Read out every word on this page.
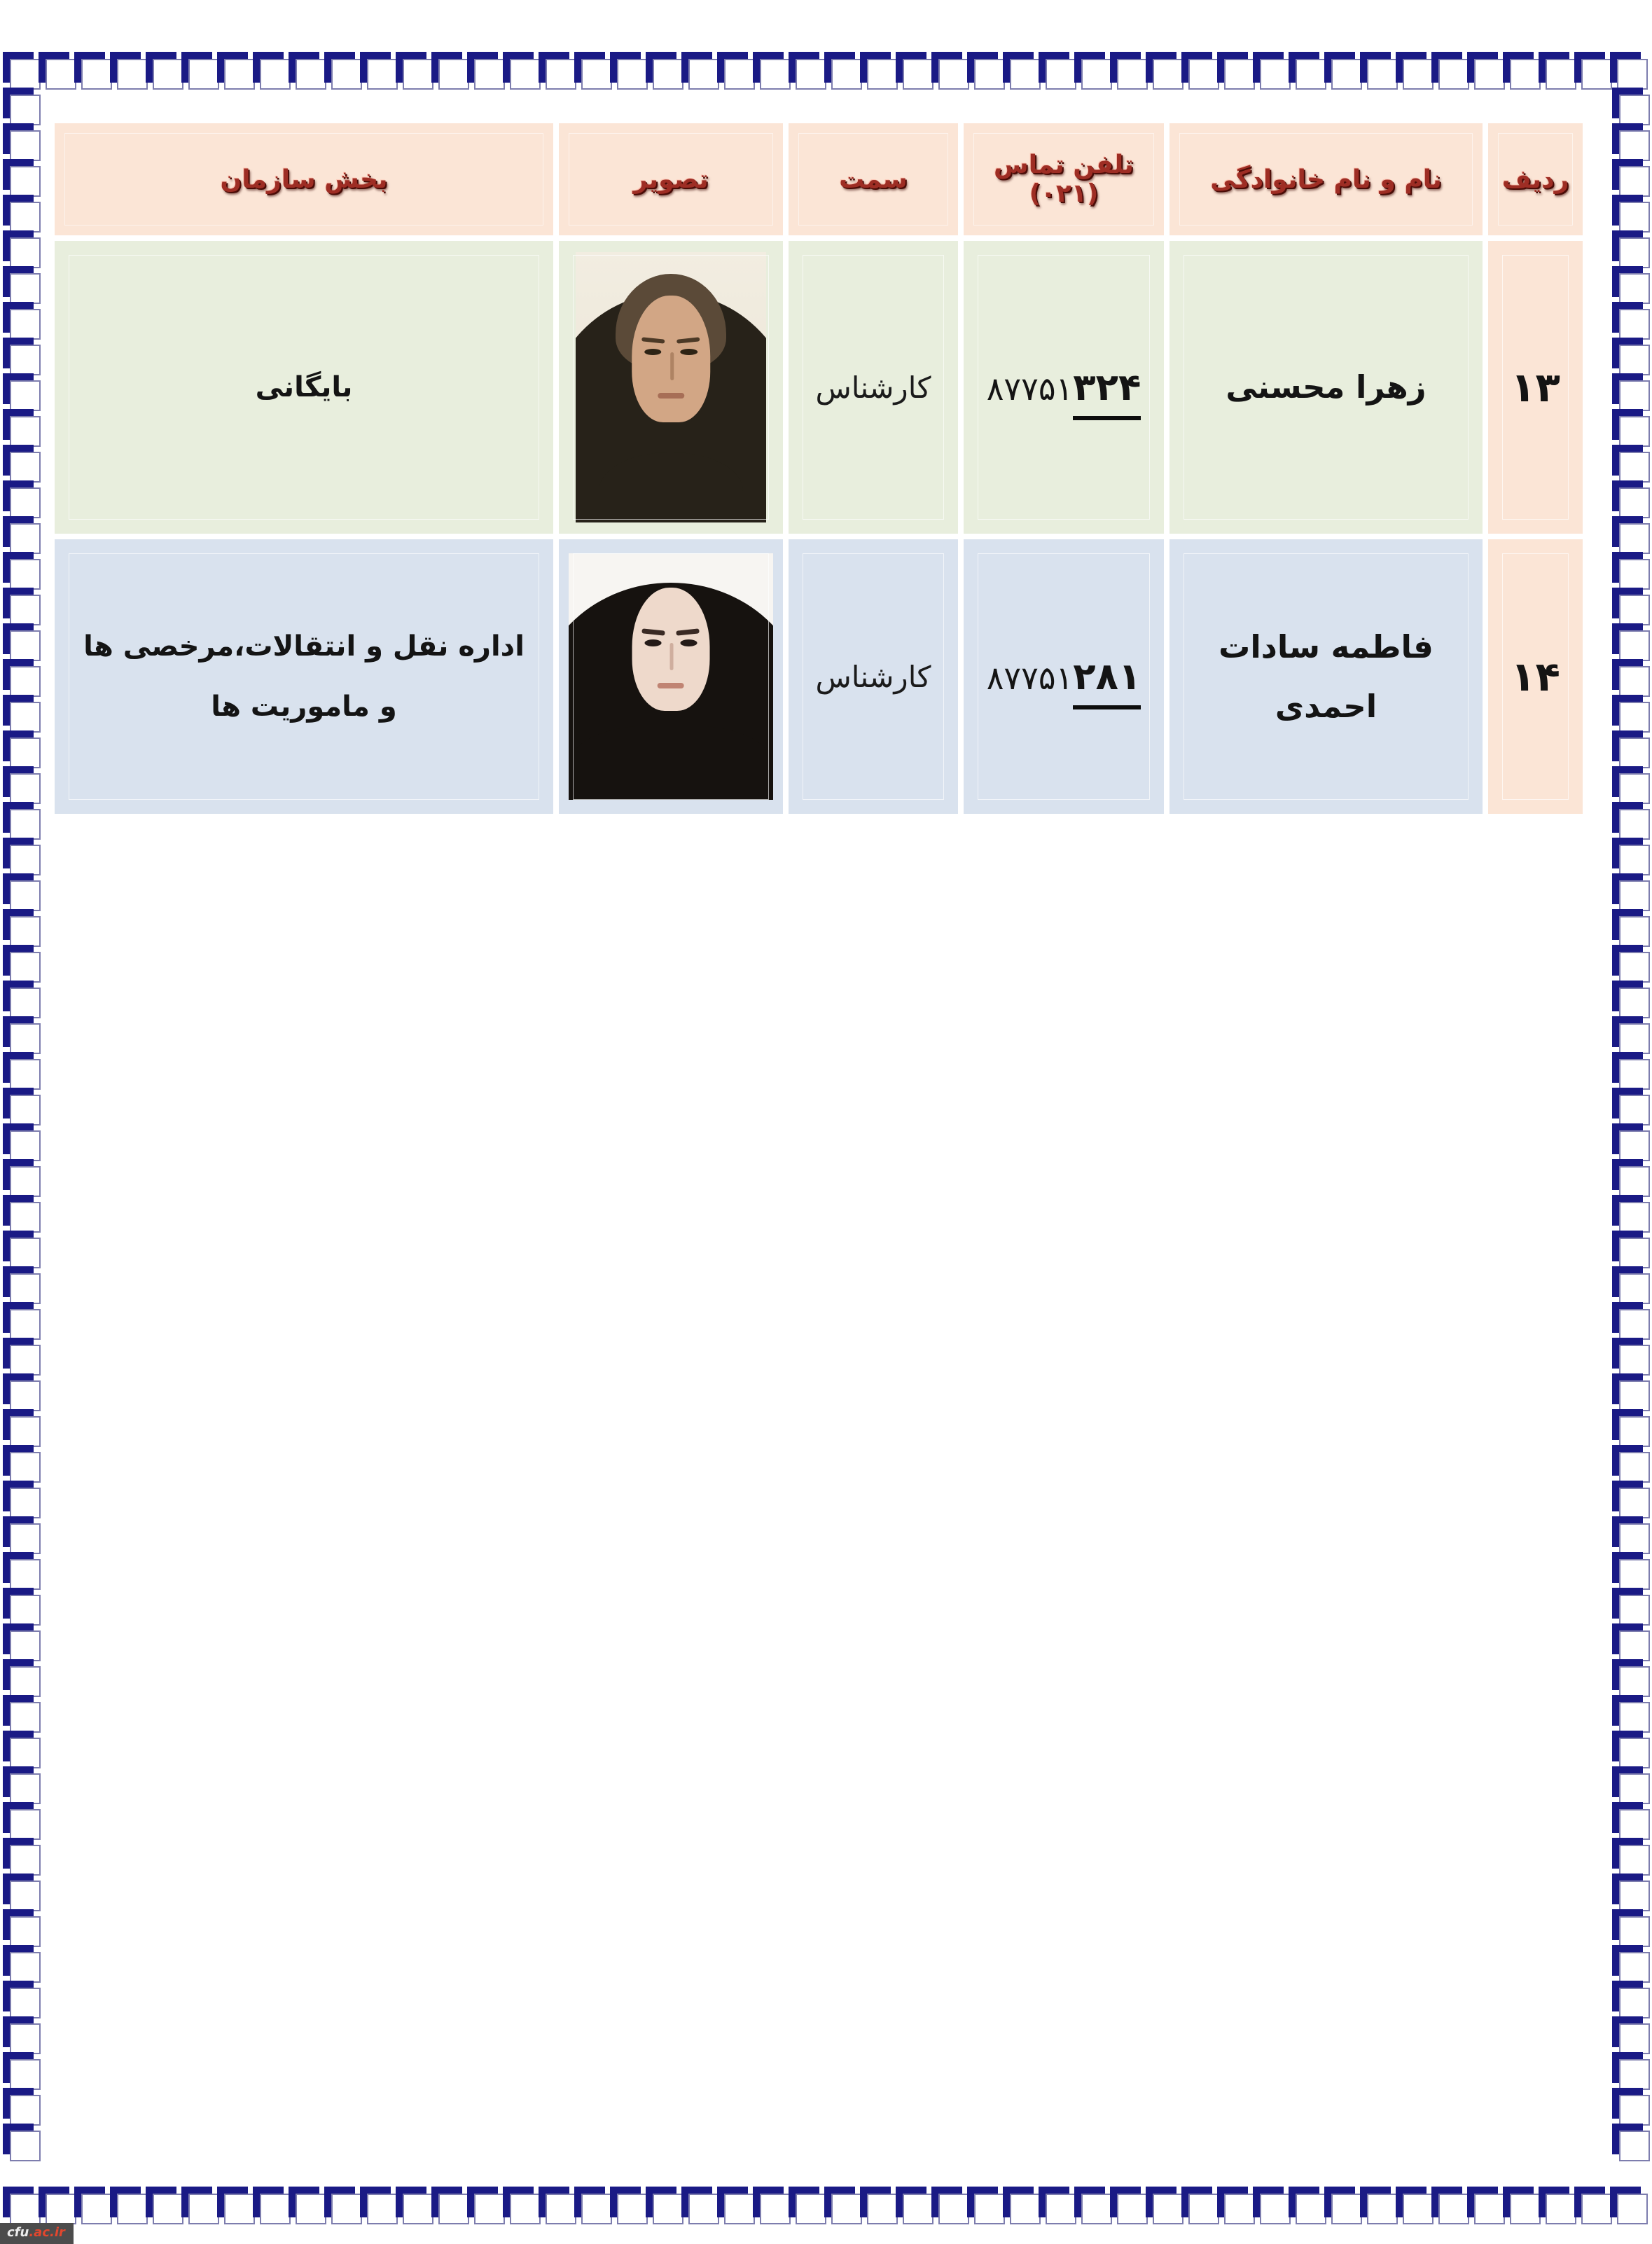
ردیف	نام و نام خانوادگی	تلفن تماس (۰۲۱)	سمت	تصویر	بخش سازمان
۱۳	زهرا محسنی	۸۷۷۵۱۳۲۴	کارشناس		بایگانی
۱۴	فاطمه سادات احمدی	۸۷۷۵۱۲۸۱	کارشناس		اداره نقل و انتقالات،مرخصی ها و ماموریت ها
cfu.ac.ir
